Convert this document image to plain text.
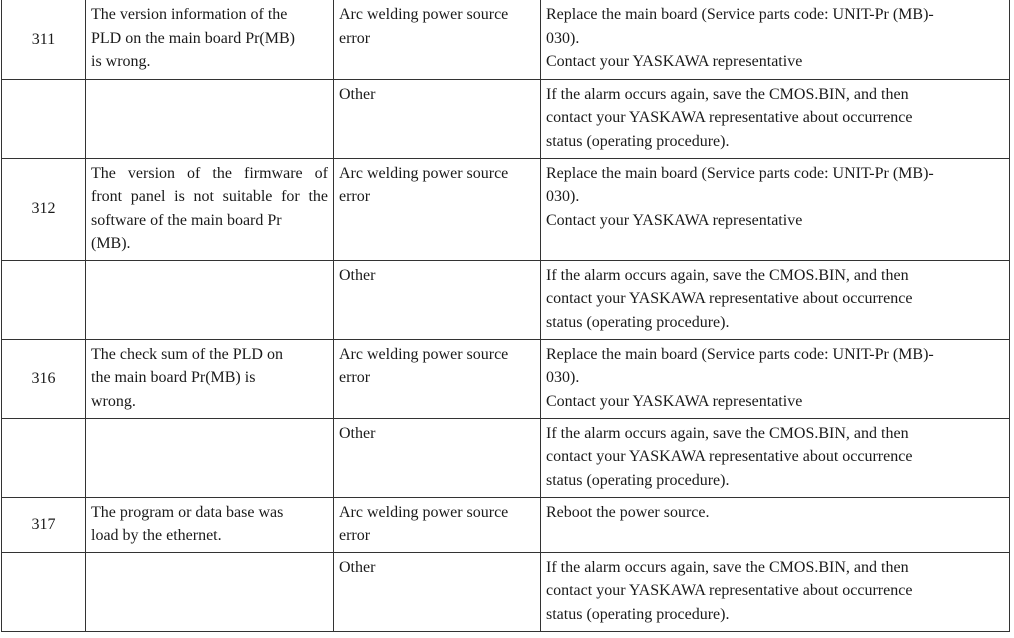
311	The version information of the
PLD on the main board Pr(MB)
is wrong.	Arc welding power source
error	Replace the main board (Service parts code: UNIT-Pr (MB)-
030).
Contact your YASKAWA representative

		Other	If the alarm occurs again, save the CMOS.BIN, and then
contact your YASKAWA representative about occurrence
status (operating procedure).

312	The version of the firmware of
front panel is not suitable for the
software of the main board Pr
(MB).	Arc welding power source
error	Replace the main board (Service parts code: UNIT-Pr (MB)-
030).
Contact your YASKAWA representative

		Other	If the alarm occurs again, save the CMOS.BIN, and then
contact your YASKAWA representative about occurrence
status (operating procedure).

316	The check sum of the PLD on
the main board Pr(MB) is
wrong.	Arc welding power source
error	Replace the main board (Service parts code: UNIT-Pr (MB)-
030).
Contact your YASKAWA representative

		Other	If the alarm occurs again, save the CMOS.BIN, and then
contact your YASKAWA representative about occurrence
status (operating procedure).

317	The program or data base was
load by the ethernet.	Arc welding power source
error	Reboot the power source.

		Other	If the alarm occurs again, save the CMOS.BIN, and then
contact your YASKAWA representative about occurrence
status (operating procedure).
